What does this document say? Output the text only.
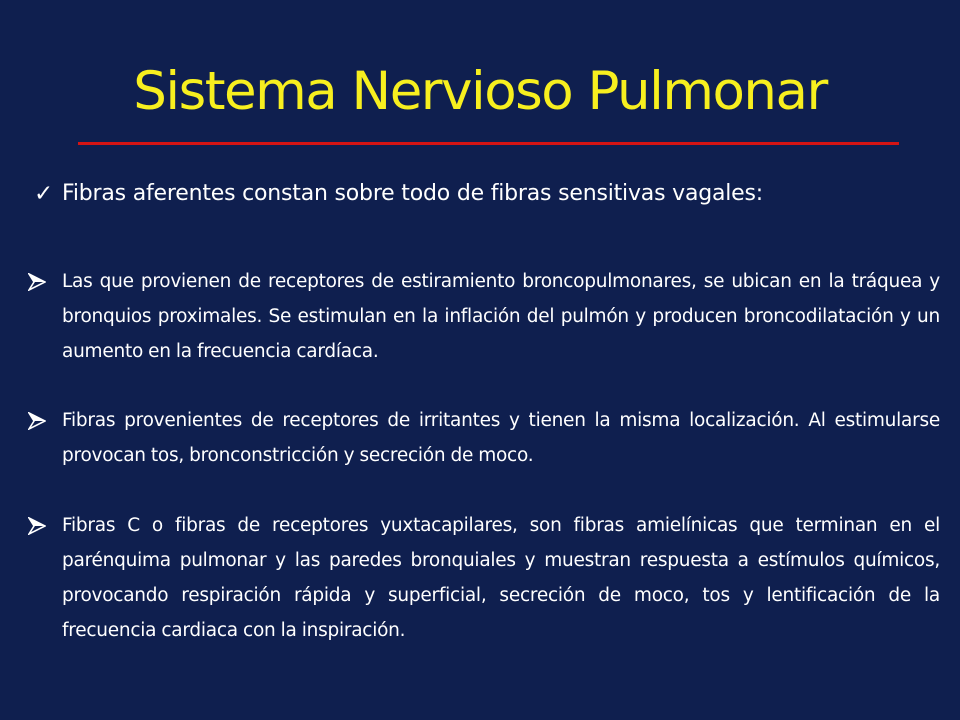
Sistema Nervioso Pulmonar
✓ Fibras aferentes constan sobre todo de fibras sensitivas vagales:
Las que provienen de receptores de estiramiento broncopulmonares, se ubican en la tráquea y bronquios proximales. Se estimulan en la inflación del pulmón y producen broncodilatación y un aumento en la frecuencia cardíaca.
Fibras provenientes de receptores de irritantes y tienen la misma localización. Al estimularse provocan tos, bronconstricción y secreción de moco.
Fibras C o fibras de receptores yuxtacapilares, son fibras amielínicas que terminan en el parénquima pulmonar y las paredes bronquiales y muestran respuesta a estímulos químicos, provocando respiración rápida y superficial, secreción de moco, tos y lentificación de la frecuencia cardiaca con la inspiración.
